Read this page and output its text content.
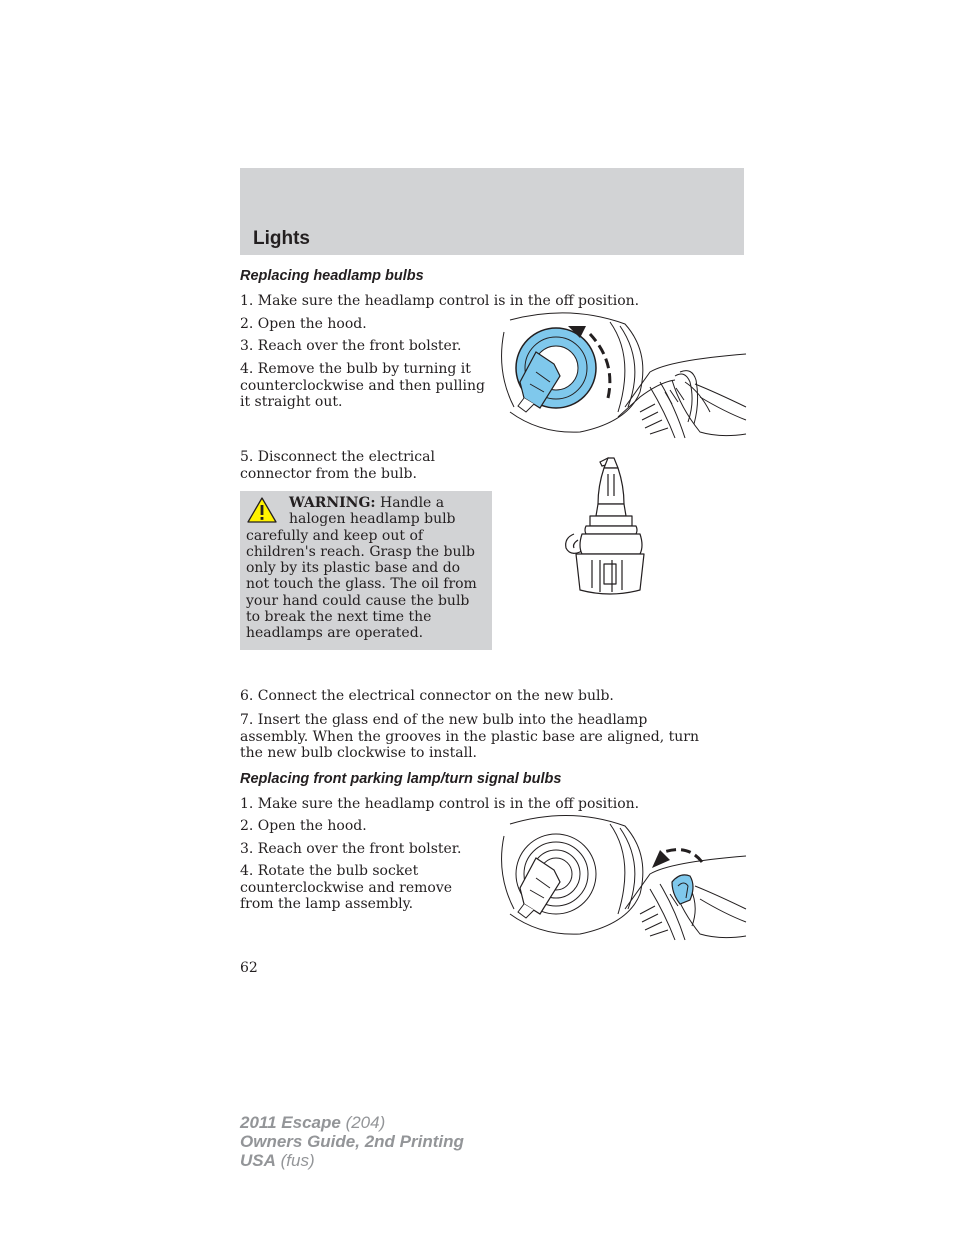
Lights
Replacing headlamp bulbs
1. Make sure the headlamp control is in the off position.
2. Open the hood.
3. Reach over the front bolster.
4. Remove the bulb by turning it counterclockwise and then pulling it straight out.
5. Disconnect the electrical connector from the bulb.
WARNING: Handle a halogen headlamp bulb
carefully and keep out of children's reach. Grasp the bulb only by its plastic base and do not touch the glass. The oil from your hand could cause the bulb to break the next time the headlamps are operated.
6. Connect the electrical connector on the new bulb.
7. Insert the glass end of the new bulb into the headlamp assembly. When the grooves in the plastic base are aligned, turn the new bulb clockwise to install.
Replacing front parking lamp/turn signal bulbs
1. Make sure the headlamp control is in the off position.
2. Open the hood.
3. Reach over the front bolster.
4. Rotate the bulb socket counterclockwise and remove from the lamp assembly.
62
2011 Escape (204)
Owners Guide, 2nd Printing
USA (fus)
